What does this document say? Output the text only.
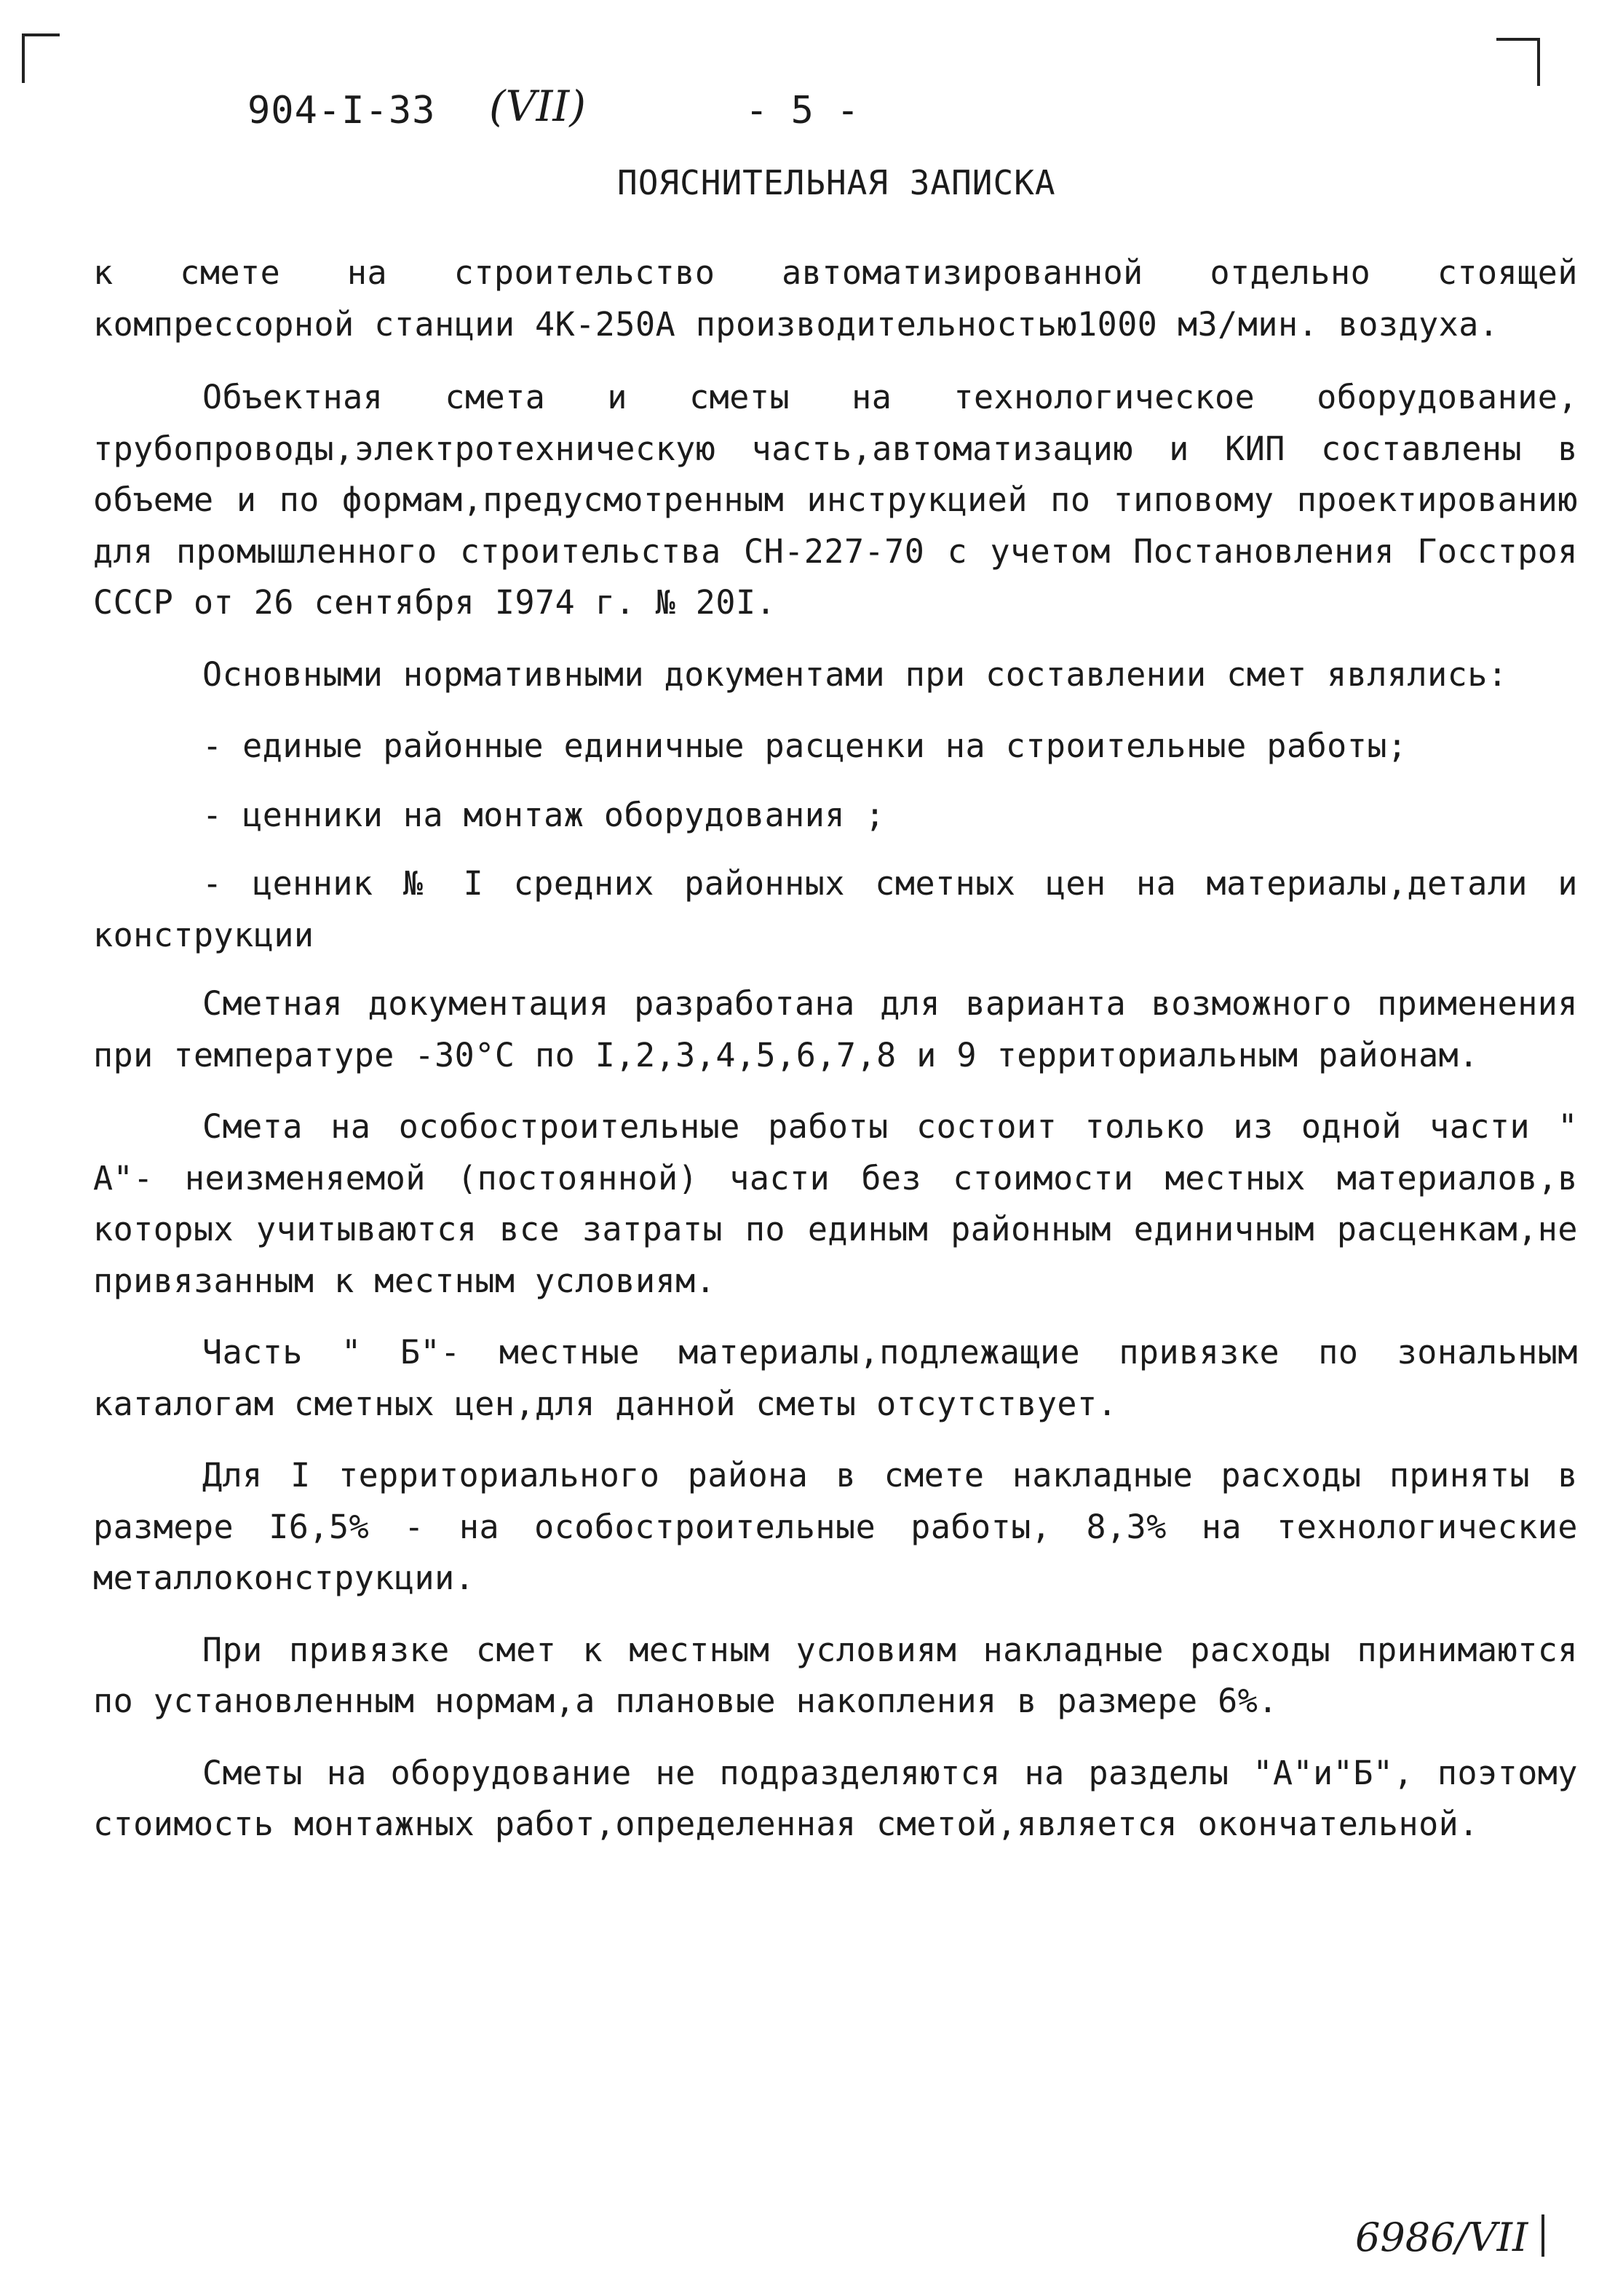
904-I-33 (VII)	- 5 -
ПОЯСНИТЕЛЬНАЯ ЗАПИСКА

к смете на строительство автоматизированной отдельно стоящей компрессорной станции 4К-250А производительностью1000 м3/мин. воздуха.

Объектная смета и сметы на технологическое оборудование, трубопроводы,электротехническую часть,автоматизацию и КИП составлены в объеме и по формам,предусмотренным инструкцией по типовому проектированию для промышленного строительства СН-227-70 с учетом Постановления Госстроя СССР от 26 сентября I974 г. № 20I.

Основными нормативными документами при составлении смет являлись:

- единые районные единичные расценки на строительные работы;
- ценники на монтаж оборудования ;
- ценник № I средних районных сметных цен на материалы,детали и конструкции

Сметная документация разработана для варианта возможного применения при температуре -30°С по I,2,3,4,5,6,7,8 и 9 территориальным районам.

Смета на особостроительные работы состоит только из одной части " А"- неизменяемой (постоянной) части без стоимости местных материалов,в которых учитываются все затраты по единым районным единичным расценкам,не привязанным к местным условиям.

Часть " Б"- местные материалы,подлежащие привязке по зональным каталогам сметных цен,для данной сметы отсутствует.

Для I территориального района в смете накладные расходы приняты в размере I6,5% - на особостроительные работы, 8,3% на технологические металлоконструкции.

При привязке смет к местным условиям накладные расходы принимаются по установленным нормам,а плановые накопления в размере 6%.

Сметы на оборудование не подразделяются на разделы "А"и"Б", поэтому стоимость монтажных работ,определенная сметой,является окончательной.

6986/VII
